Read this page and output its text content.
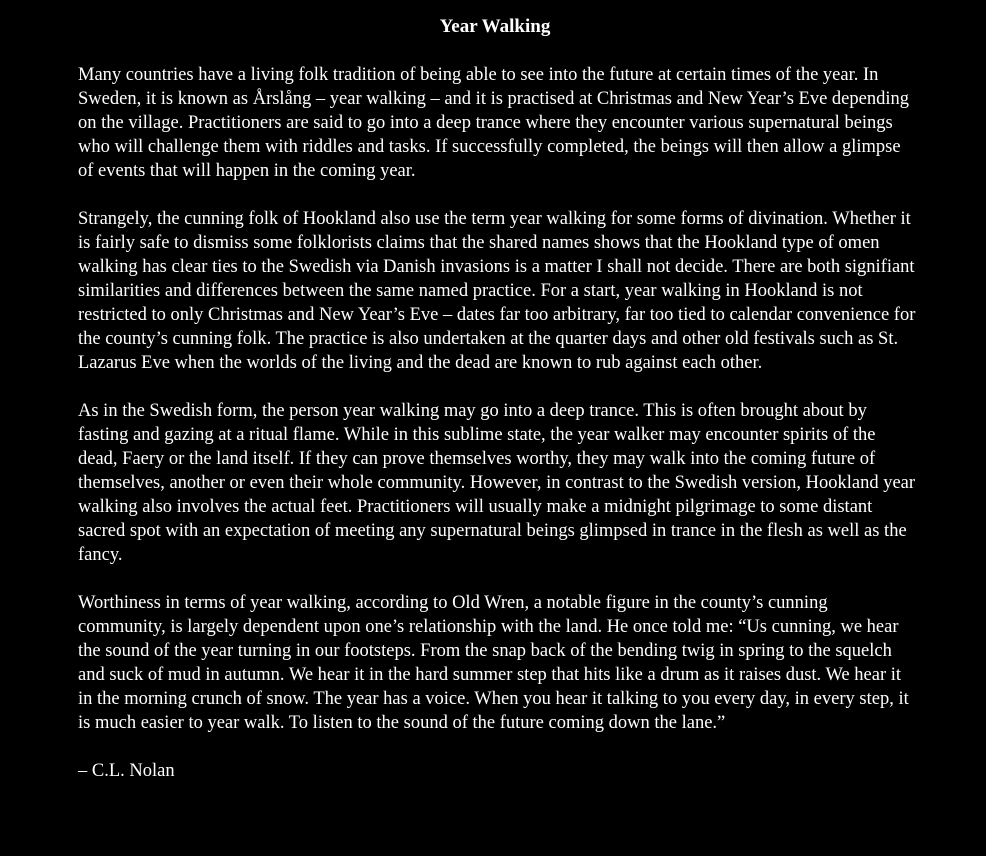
Year Walking

Many countries have a living folk tradition of being able to see into the future at certain times of the year. In Sweden, it is known as Årslång – year walking – and it is practised at Christmas and New Year’s Eve depending on the village. Practitioners are said to go into a deep trance where they encounter various supernatural beings who will challenge them with riddles and tasks. If successfully completed, the beings will then allow a glimpse of events that will happen in the coming year.

Strangely, the cunning folk of Hookland also use the term year walking for some forms of divination. Whether it is fairly safe to dismiss some folklorists claims that the shared names shows that the Hookland type of omen walking has clear ties to the Swedish via Danish invasions is a matter I shall not decide. There are both signifiant similarities and differences between the same named practice. For a start, year walking in Hookland is not restricted to only Christmas and New Year’s Eve – dates far too arbitrary, far too tied to calendar convenience for the county’s cunning folk. The practice is also undertaken at the quarter days and other old festivals such as St. Lazarus Eve when the worlds of the living and the dead are known to rub against each other.

As in the Swedish form, the person year walking may go into a deep trance. This is often brought about by fasting and gazing at a ritual flame. While in this sublime state, the year walker may encounter spirits of the dead, Faery or the land itself. If they can prove themselves worthy, they may walk into the coming future of themselves, another or even their whole community. However, in contrast to the Swedish version, Hookland year walking also involves the actual feet. Practitioners will usually make a midnight pilgrimage to some distant sacred spot with an expectation of meeting any supernatural beings glimpsed in trance in the flesh as well as the fancy.

Worthiness in terms of year walking, according to Old Wren, a notable figure in the county’s cunning community, is largely dependent upon one’s relationship with the land. He once told me: “Us cunning, we hear the sound of the year turning in our footsteps. From the snap back of the bending twig in spring to the squelch and suck of mud in autumn. We hear it in the hard summer step that hits like a drum as it raises dust. We hear it in the morning crunch of snow. The year has a voice. When you hear it talking to you every day, in every step, it is much easier to year walk. To listen to the sound of the future coming down the lane.”

– C.L. Nolan
